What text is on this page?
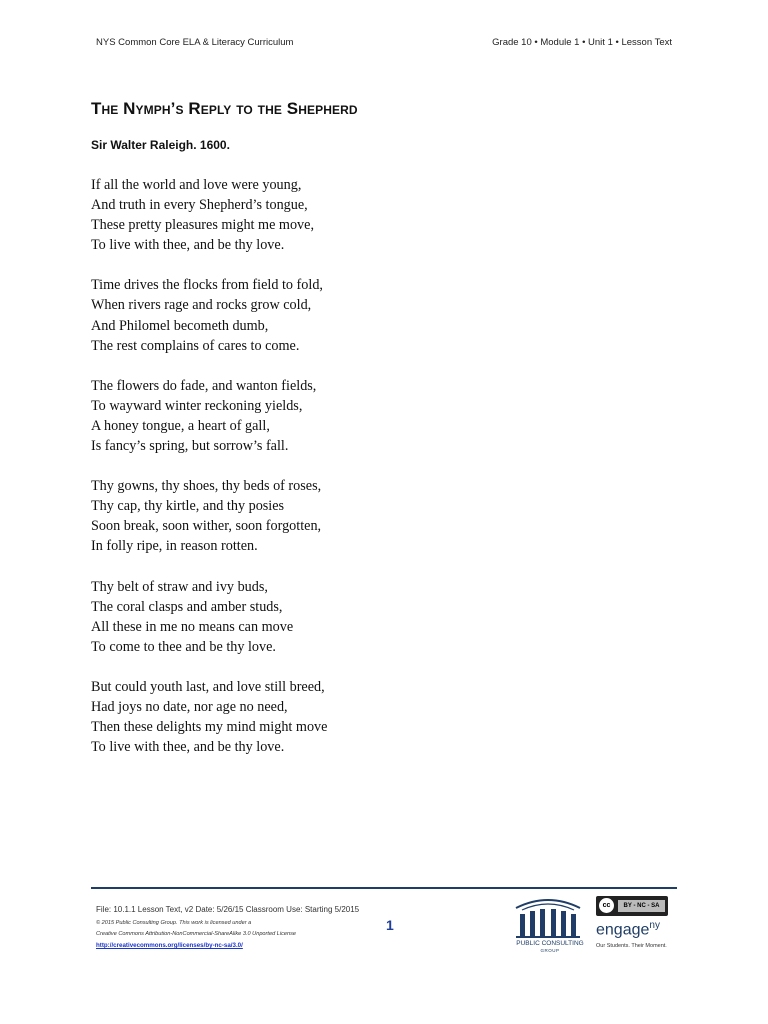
NYS Common Core ELA & Literacy Curriculum	Grade 10 • Module 1 • Unit 1 • Lesson Text
The Nymph’s Reply to the Shepherd
Sir Walter Raleigh. 1600.
If all the world and love were young,
And truth in every Shepherd’s tongue,
These pretty pleasures might me move,
To live with thee, and be thy love.
Time drives the flocks from field to fold,
When rivers rage and rocks grow cold,
And Philomel becometh dumb,
The rest complains of cares to come.
The flowers do fade, and wanton fields,
To wayward winter reckoning yields,
A honey tongue, a heart of gall,
Is fancy’s spring, but sorrow’s fall.
Thy gowns, thy shoes, thy beds of roses,
Thy cap, thy kirtle, and thy posies
Soon break, soon wither, soon forgotten,
In folly ripe, in reason rotten.
Thy belt of straw and ivy buds,
The coral clasps and amber studs,
All these in me no means can move
To come to thee and be thy love.
But could youth last, and love still breed,
Had joys no date, nor age no need,
Then these delights my mind might move
To live with thee, and be thy love.
File: 10.1.1 Lesson Text, v2 Date: 5/26/15 Classroom Use: Starting 5/2015
© 2015 Public Consulting Group. This work is licensed under a
Creative Commons Attribution-NonCommercial-ShareAlike 3.0 Unported License
http://creativecommons.org/licenses/by-nc-sa/3.0/
1
PUBLIC CONSULTING
GROUP
cc	BY - NC - SA
engage$^{ny}$
Our Students. Their Moment.
